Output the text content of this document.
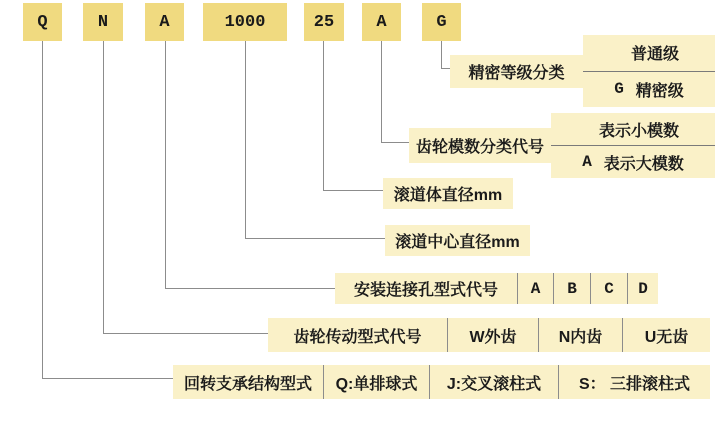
Q	N	A	1000	25	A	G
精密等级分类
普通级
G 精密级
齿轮模数分类代号
表示小模数
A 表示大模数
滚道体直径mm
滚道中心直径mm
安装连接孔型式代号	A	B	C	D
齿轮传动型式代号	W外齿	N内齿	U无齿
回转支承结构型式	Q:单排球式	J:交叉滚柱式	S： 三排滚柱式
